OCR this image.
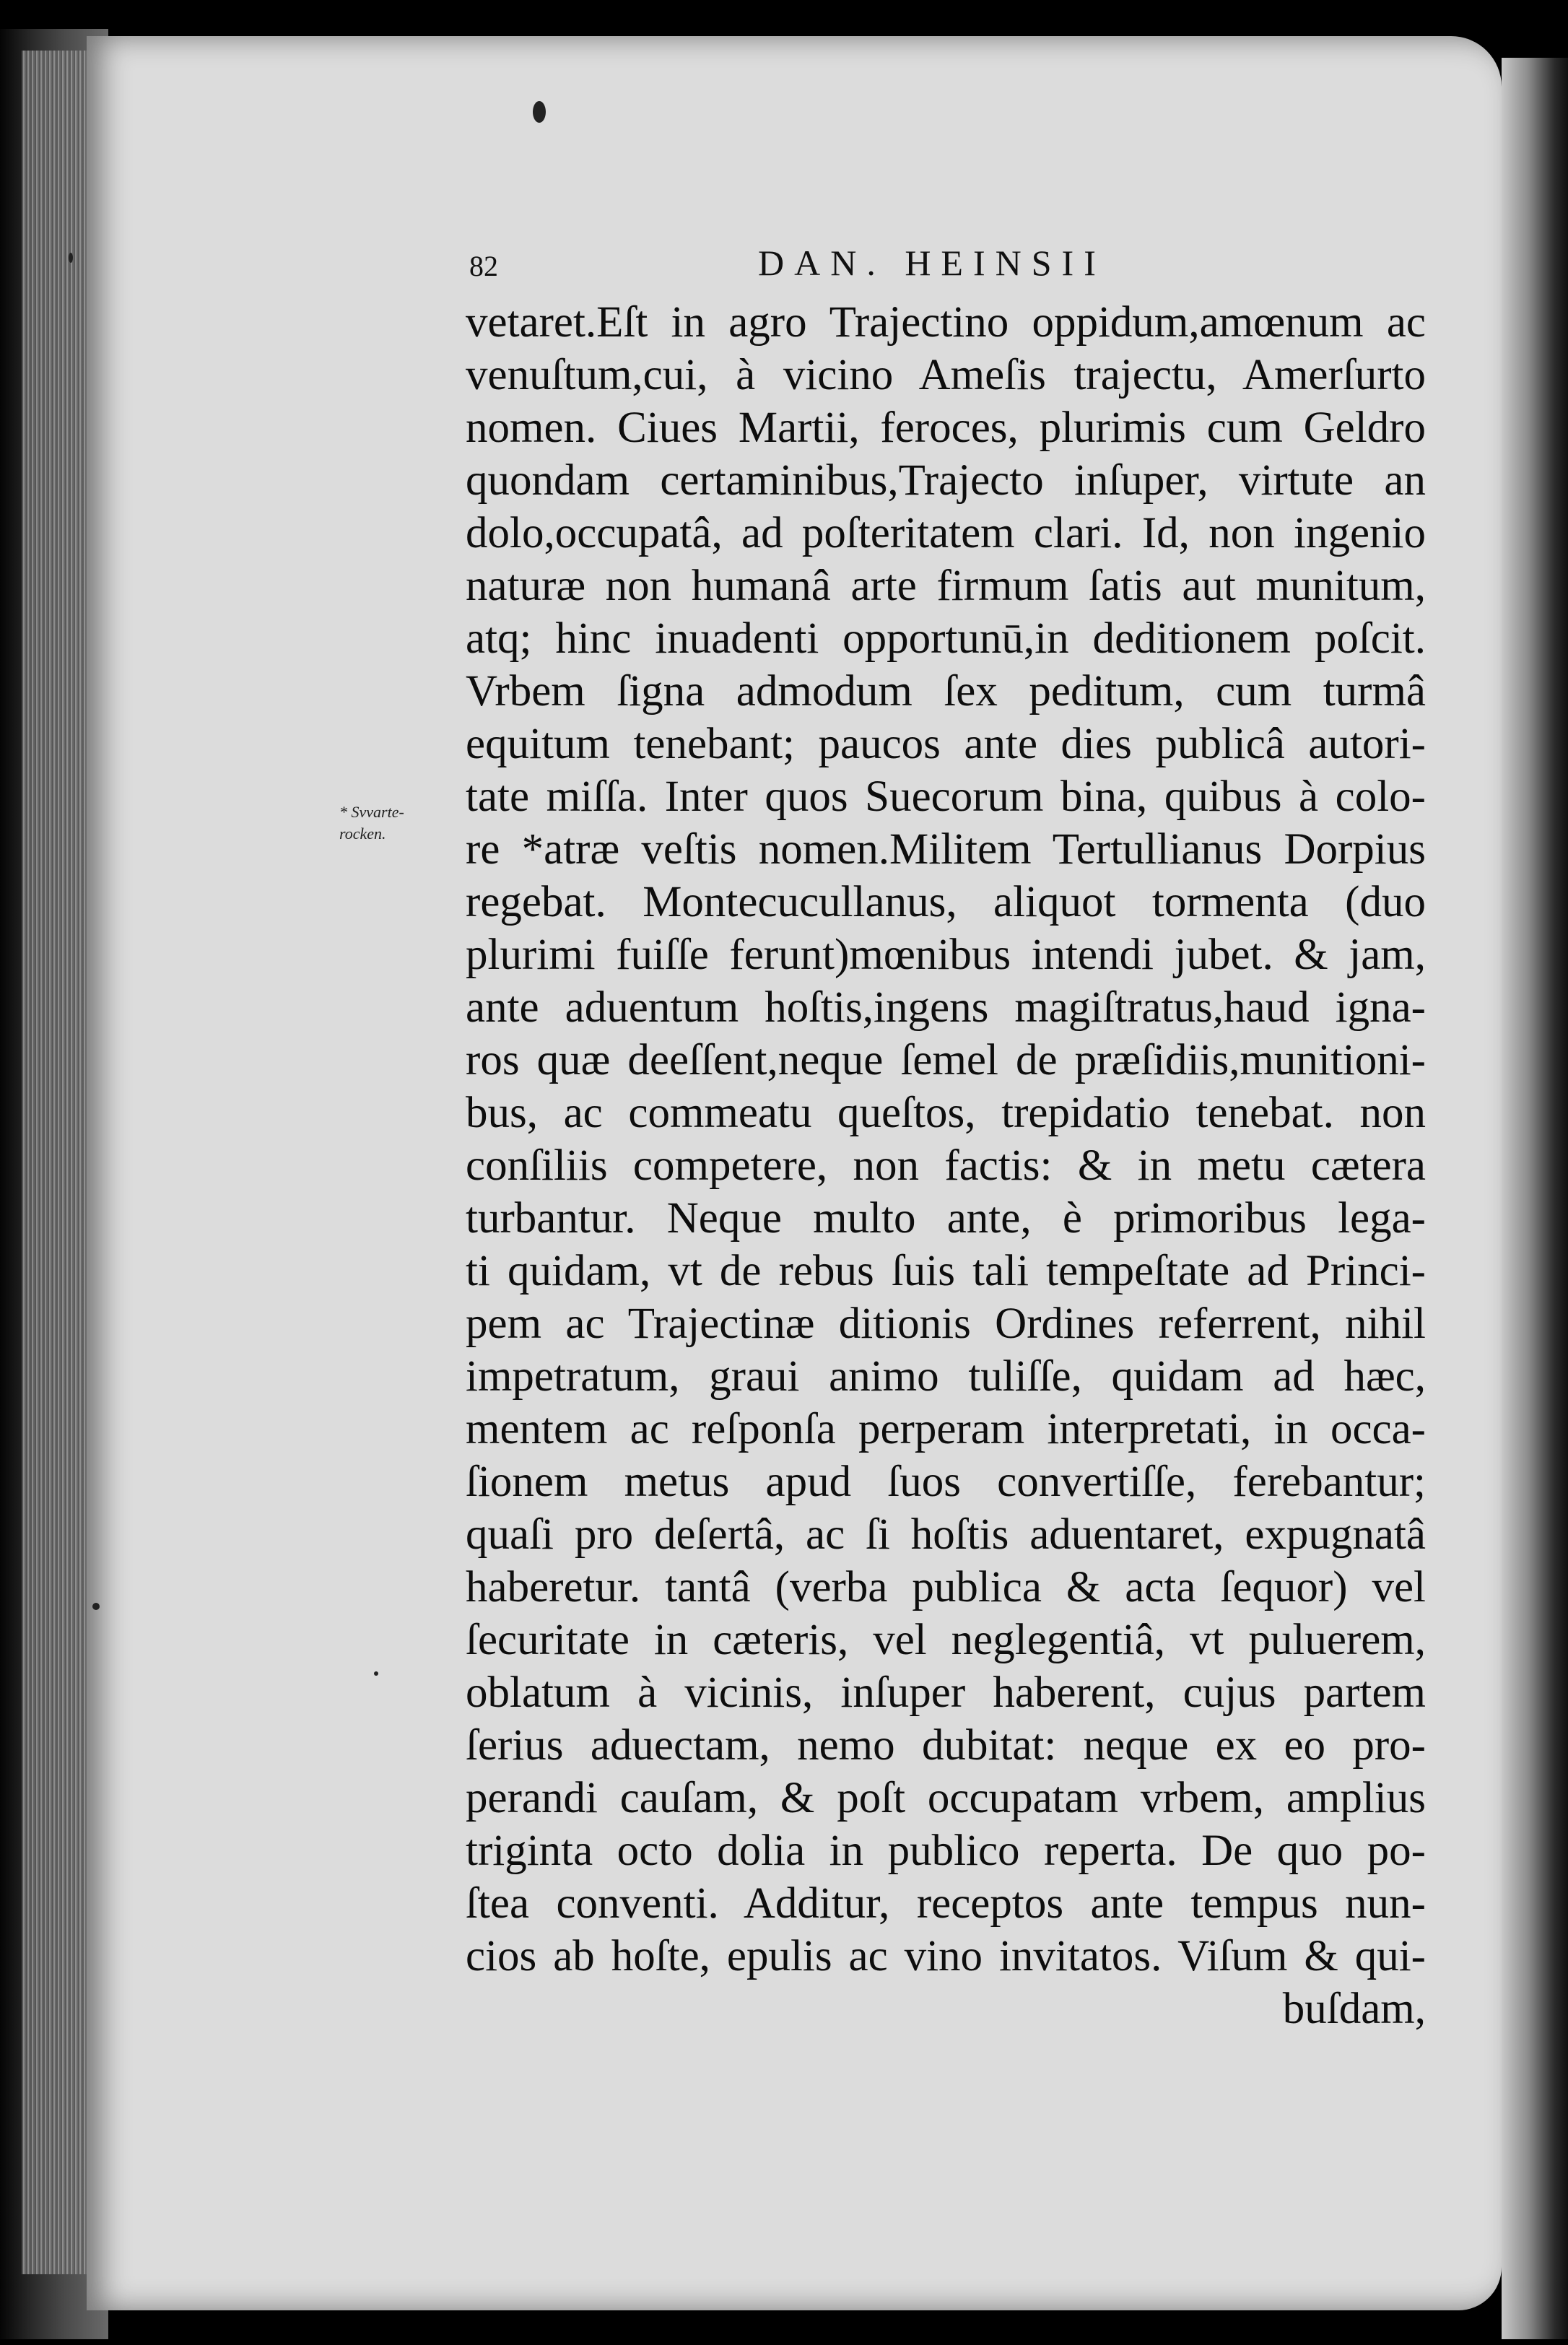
82	DAN. HEINSII
* Svvarte-
rocken.
vetaret.Eſt in agro Trajectino oppidum,amœnum ac
venuſtum,cui, à vicino Ameſis trajectu, Amerſurto
nomen. Ciues Martii, feroces, plurimis cum Geldro
quondam certaminibus,Trajecto inſuper, virtute an
dolo,occupatâ, ad poſteritatem clari. Id, non ingenio
naturæ non humanâ arte firmum ſatis aut munitum,
atq; hinc inuadenti opportunū,in deditionem poſcit.
Vrbem ſigna admodum ſex peditum, cum turmâ
equitum tenebant; paucos ante dies publicâ autori-
tate miſſa. Inter quos Suecorum bina, quibus à colo-
re *atræ veſtis nomen.Militem Tertullianus Dorpius
regebat. Montecucullanus, aliquot tormenta (duo
plurimi fuiſſe ferunt)mœnibus intendi jubet. & jam,
ante aduentum hoſtis,ingens magiſtratus,haud igna-
ros quæ deeſſent,neque ſemel de præſidiis,munitioni-
bus, ac commeatu queſtos, trepidatio tenebat. non
conſiliis competere, non factis: & in metu cætera
turbantur. Neque multo ante, è primoribus lega-
ti quidam, vt de rebus ſuis tali tempeſtate ad Princi-
pem ac Trajectinæ ditionis Ordines referrent, nihil
impetratum, graui animo tuliſſe, quidam ad hæc,
mentem ac reſponſa perperam interpretati, in occa-
ſionem metus apud ſuos convertiſſe, ferebantur;
quaſi pro deſertâ, ac ſi hoſtis aduentaret, expugnatâ
haberetur. tantâ (verba publica & acta ſequor) vel
ſecuritate in cæteris, vel neglegentiâ, vt puluerem,
oblatum à vicinis, inſuper haberent, cujus partem
ſerius aduectam, nemo dubitat: neque ex eo pro-
perandi cauſam, & poſt occupatam vrbem, amplius
triginta octo dolia in publico reperta. De quo po-
ſtea conventi. Additur, receptos ante tempus nun-
cios ab hoſte, epulis ac vino invitatos. Viſum & qui-
buſdam,
